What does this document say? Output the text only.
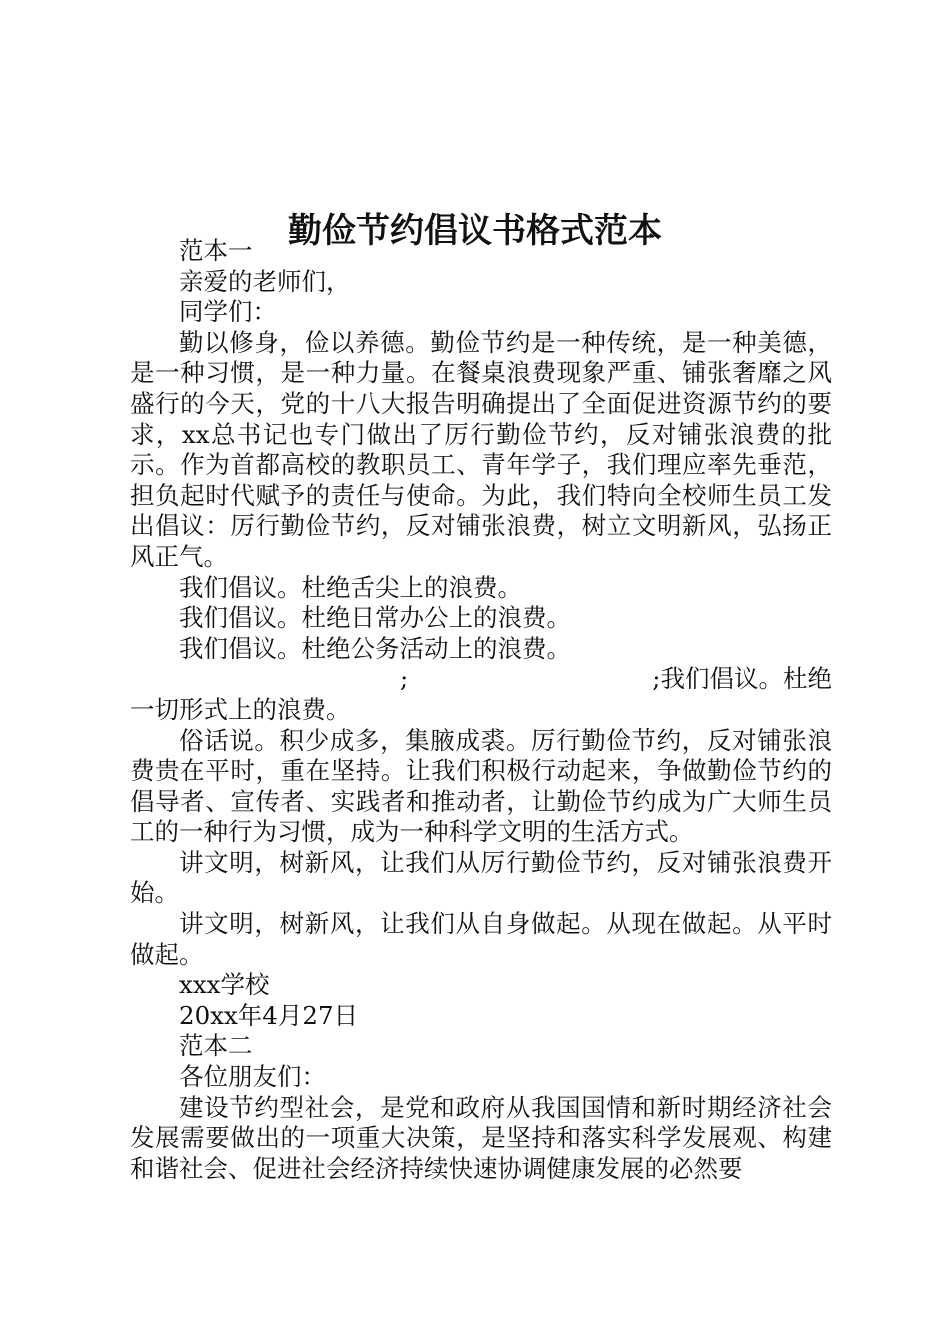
勤俭节约倡议书格式范本

范本一

亲爱的老师们，

同学们：

勤以修身，俭以养德。勤俭节约是一种传统，是一种美德，是一种习惯，是一种力量。在餐桌浪费现象严重、铺张奢靡之风盛行的今天，党的十八大报告明确提出了全面促进资源节约的要求，xx总书记也专门做出了厉行勤俭节约，反对铺张浪费的批示。作为首都高校的教职员工、青年学子，我们理应率先垂范，担负起时代赋予的责任与使命。为此，我们特向全校师生员工发出倡议：厉行勤俭节约，反对铺张浪费，树立文明新风，弘扬正风正气。

我们倡议。杜绝舌尖上的浪费。

我们倡议。杜绝日常办公上的浪费。

我们倡议。杜绝公务活动上的浪费。

;	;我们倡议。杜绝

一切形式上的浪费。

俗话说。积少成多，集腋成裘。厉行勤俭节约，反对铺张浪费贵在平时，重在坚持。让我们积极行动起来，争做勤俭节约的倡导者、宣传者、实践者和推动者，让勤俭节约成为广大师生员工的一种行为习惯，成为一种科学文明的生活方式。

讲文明，树新风，让我们从厉行勤俭节约，反对铺张浪费开始。

讲文明，树新风，让我们从自身做起。从现在做起。从平时做起。

xxx学校

20xx年4月27日

范本二

各位朋友们：

建设节约型社会，是党和政府从我国国情和新时期经济社会发展需要做出的一项重大决策，是坚持和落实科学发展观、构建和谐社会、促进社会经济持续快速协调健康发展的必然要
